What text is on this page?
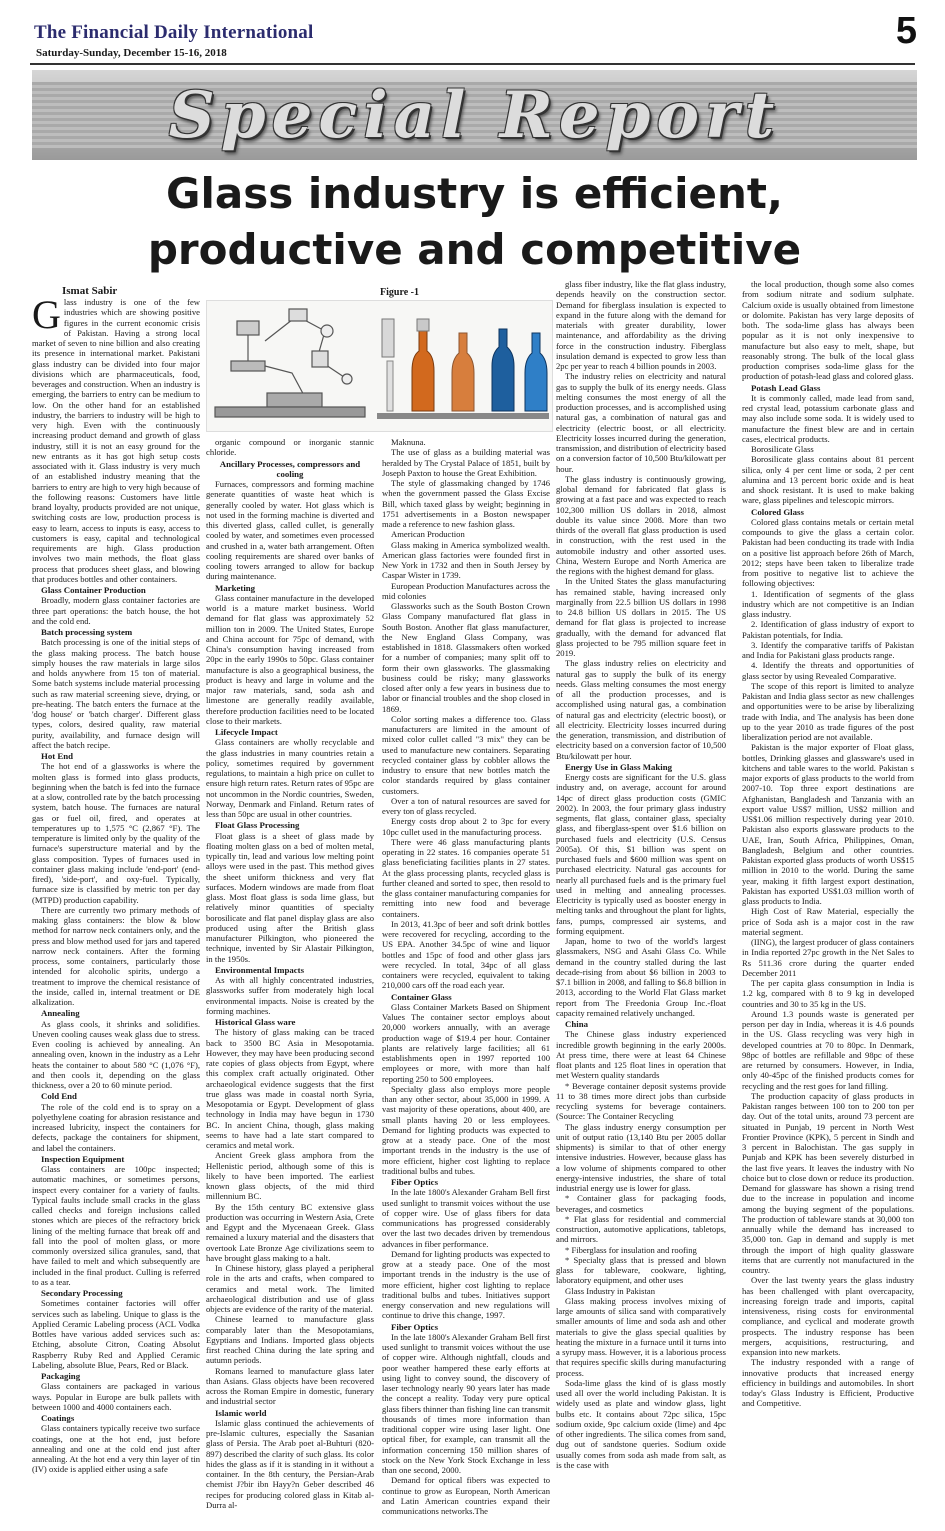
The Financial Daily International
Saturday-Sunday, December 15-16, 2018
5
Special Report
Glass industry is efficient, productive and competitive
Ismat Sabir	Figure -1

Glass industry is one of the few industries which are showing positive figures in the current economic crisis of Pakistan. Having a strong local market of seven to nine billion and also creating its presence in international market. Pakistani glass industry can be divided into four major divisions which are pharmaceuticals, food, beverages and construction. When an industry is emerging, the barriers to entry can be medium to low. On the other hand for an established industry, the barriers to industry will be high to very high. Even with the continuously increasing product demand and growth of glass industry, still it is not an easy ground for the new entrants as it has got high setup costs associated with it. Glass industry is very much of an established industry meaning that the barriers to entry are high to very high because of the following reasons: Customers have little brand loyalty, products provided are not unique, switching costs are low, production process is easy to learn, access to inputs is easy, access to customers is easy, capital and technological requirements are high. Glass production involves two main methods, the float glass process that produces sheet glass, and blowing that produces bottles and other containers.

Glass Container Production

Broadly, modern glass container factories are three part operations: the batch house, the hot and the cold end.

Batch processing system

Batch processing is one of the initial steps of the glass making process. The batch house simply houses the raw materials in large silos and holds anywhere from 15 ton of material. Some batch systems include material processing such as raw material screening sieve, drying, or pre-heating. The batch enters the furnace at the 'dog house' or 'batch charger'. Different glass types, colors, desired quality, raw material purity, availability, and furnace design will affect the batch recipe.

Hot End

The hot end of a glassworks is where the molten glass is formed into glass products, beginning when the batch is fed into the furnace at a slow, controlled rate by the batch processing system, batch house. The furnaces are natural gas or fuel oil, fired, and operates at temperatures up to 1,575 °C (2,867 °F). The temperature is limited only by the quality of the furnace's superstructure material and by the glass composition. Types of furnaces used in container glass making include 'end-port' (end-fired), 'side-port', and oxy-fuel. Typically, furnace size is classified by metric ton per day (MTPD) production capability.

There are currently two primary methods of making glass containers: the blow & blow method for narrow neck containers only, and the press and blow method used for jars and tapered narrow neck containers. After the forming process, some containers, particularly those intended for alcoholic spirits, undergo a treatment to improve the chemical resistance of the inside, called in, internal treatment or DE alkalization.

Annealing

As glass cools, it shrinks and solidifies. Uneven cooling causes weak glass due to stress. Even cooling is achieved by annealing. An annealing oven, known in the industry as a Lehr heats the container to about 580 °C (1,076 °F), and then cools it, depending on the glass thickness, over a 20 to 60 minute period.

Cold End

The role of the cold end is to spray on a polyethylene coating for abrasion resistance and increased lubricity, inspect the containers for defects, package the containers for shipment, and label the containers.

Inspection Equipment

Glass containers are 100pc inspected; automatic machines, or sometimes persons, inspect every container for a variety of faults. Typical faults include small cracks in the glass called checks and foreign inclusions called stones which are pieces of the refractory brick lining of the melting furnace that break off and fall into the pool of molten glass, or more commonly oversized silica granules, sand, that have failed to melt and which subsequently are included in the final product. Culling is referred to as a tear.

Secondary Processing

Sometimes container factories will offer services such as labeling. Unique to glass is the Applied Ceramic Labeling process (ACL Vodka Bottles have various added services such as: Etching, absolute Citron, Coating Absolut Raspberry Ruby Red and Applied Ceramic Labeling, absolute Blue, Pears, Red or Black.

Packaging

Glass containers are packaged in various ways. Popular in Europe are bulk pallets with between 1000 and 4000 containers each.

Coatings

Glass containers typically receive two surface coatings, one at the hot end, just before annealing and one at the cold end just after annealing. At the hot end a very thin layer of tin (IV) oxide is applied either using a safe

organic compound or inorganic stannic chloride.

Ancillary Processes, compressors and cooling

Furnaces, compressors and forming machine generate quantities of waste heat which is generally cooled by water. Hot glass which is not used in the forming machine is diverted and this diverted glass, called cullet, is generally cooled by water, and sometimes even processed and crushed in a, water bath arrangement. Often cooling requirements are shared over banks of cooling towers arranged to allow for backup during maintenance.

Marketing

Glass container manufacture in the developed world is a mature market business. World demand for flat glass was approximately 52 million ton in 2009. The United States, Europe and China account for 75pc of demand, with China's consumption having increased from 20pc in the early 1990s to 50pc. Glass container manufacture is also a geographical business, the product is heavy and large in volume and the major raw materials, sand, soda ash and limestone are generally readily available, therefore production facilities need to be located close to their markets.

Lifecycle Impact

Glass containers are wholly recyclable and the glass industries in many countries retain a policy, sometimes required by government regulations, to maintain a high price on cullet to ensure high return rates. Return rates of 95pc are not uncommon in the Nordic countries, Sweden, Norway, Denmark and Finland. Return rates of less than 50pc are usual in other countries.

Float Glass Processing

Float glass is a sheet of glass made by floating molten glass on a bed of molten metal, typically tin, lead and various low melting point alloys were used in the past. This method gives the sheet uniform thickness and very flat surfaces. Modern windows are made from float glass. Most float glass is soda lime glass, but relatively minor quantities of specialty borosilicate and flat panel display glass are also produced using after the British glass manufacturer Pilkington, who pioneered the technique, invented by Sir Alastair Pilkington, in the 1950s.

Environmental Impacts

As with all highly concentrated industries, glassworks suffer from moderately high local environmental impacts. Noise is created by the forming machines.

Historical Glass ware

The history of glass making can be traced back to 3500 BC Asia in Mesopotamia. However, they may have been producing second rate copies of glass objects from Egypt, where this complex craft actually originated. Other archaeological evidence suggests that the first true glass was made in coastal north Syria, Mesopotamia or Egypt. Development of glass technology in India may have begun in 1730 BC. In ancient China, though, glass making seems to have had a late start compared to ceramics and metal work.

Ancient Greek glass amphora from the Hellenistic period, although some of this is likely to have been imported. The earliest known glass objects, of the mid third millennium BC.

By the 15th century BC extensive glass production was occurring in Western Asia, Crete and Egypt and the Mycenaean Greek. Glass remained a luxury material and the disasters that overtook Late Bronze Age civilizations seem to have brought glass making to a halt.

In Chinese history, glass played a peripheral role in the arts and crafts, when compared to ceramics and metal work. The limited archaeological distribution and use of glass objects are evidence of the rarity of the material.

Chinese learned to manufacture glass comparably later than the Mesopotamians, Egyptians and Indians. Imported glass objects first reached China during the late spring and autumn periods.

Romans learned to manufacture glass later than Asians. Glass objects have been recovered across the Roman Empire in domestic, funerary and industrial sector

Islamic world

Islamic glass continued the achievements of pre-Islamic cultures, especially the Sasanian glass of Persia. The Arab poet al-Buhturi (820-897) described the clarity of such glass. Its color hides the glass as if it is standing in it without a container. In the 8th century, the Persian-Arab chemist J?bir ibn Hayy?n Geber described 46 recipes for producing colored glass in Kitab al-Durra al-

Maknuna.

The use of glass as a building material was heralded by The Crystal Palace of 1851, built by Joseph Paxton to house the Great Exhibition.

The style of glassmaking changed by 1746 when the government passed the Glass Excise Bill, which taxed glass by weight; beginning in 1751 advertisements in a Boston newspaper made a reference to new fashion glass.

American Production

Glass making in America symbolized wealth. American glass factories were founded first in New York in 1732 and then in South Jersey by Caspar Wister in 1739.

European Production Manufactures across the mid colonies

Glassworks such as the South Boston Crown Glass Company manufactured flat glass in South Boston. Another flat glass manufacturer, the New England Glass Company, was established in 1818. Glassmakers often worked for a number of companies; many split off to form their own glassworks. The glassmaking business could be risky; many glassworks closed after only a few years in business due to labor or financial troubles and the shop closed in 1869.

Color sorting makes a difference too. Glass manufacturers are limited in the amount of mixed color cullet called "3 mix" they can be used to manufacture new containers. Separating recycled container glass by cobbler allows the industry to ensure that new bottles match the color standards required by glass container customers.

Over a ton of natural resources are saved for every ton of glass recycled.

Energy costs drop about 2 to 3pc for every 10pc cullet used in the manufacturing process.

There were 46 glass manufacturing plants operating in 22 states. 16 companies operate 51 glass beneficiating facilities plants in 27 states. At the glass processing plants, recycled glass is further cleaned and sorted to spec, then resold to the glass container manufacturing companies for remitting into new food and beverage containers.

In 2013, 41.3pc of beer and soft drink bottles were recovered for recycling, according to the US EPA. Another 34.5pc of wine and liquor bottles and 15pc of food and other glass jars were recycled. In total, 34pc of all glass containers were recycled, equivalent to taking 210,000 cars off the road each year.

Container Glass

Glass Container Markets Based on Shipment Values The container sector employs about 20,000 workers annually, with an average production wage of $19.4 per hour. Container plants are relatively large facilities; all 61 establishments open in 1997 reported 100 employees or more, with more than half reporting 250 to 500 employees.

Specialty glass also employs more people than any other sector, about 35,000 in 1999. A vast majority of these operations, about 400, are small plants having 20 or less employees. Demand for lighting products was expected to grow at a steady pace. One of the most important trends in the industry is the use of more efficient, higher cost lighting to replace traditional bulbs and tubes.

Fiber Optics

In the late 1800's Alexander Graham Bell first used sunlight to transmit voices without the use of copper wire. Use of glass fibers for data communications has progressed considerably over the last two decades driven by tremendous advances in fiber performance.

Demand for lighting products was expected to grow at a steady pace. One of the most important trends in the industry is the use of more efficient, higher cost lighting to replace traditional bulbs and tubes. Initiatives support energy conservation and new regulations will continue to drive this change, 1997.

Fiber Optics

In the late 1800's Alexander Graham Bell first used sunlight to transmit voices without the use of copper wire. Although nightfall, clouds and poor weather hampered these early efforts at using light to convey sound, the discovery of laser technology nearly 90 years later has made the concept a reality. Today very pure optical glass fibers thinner than fishing line can transmit thousands of times more information than traditional copper wire using laser light. One optical fiber, for example, can transmit all the information concerning 150 million shares of stock on the New York Stock Exchange in less than one second, 2000.

Demand for optical fibers was expected to continue to grow as European, North American and Latin American countries expand their communications networks.The

glass fiber industry, like the flat glass industry, depends heavily on the construction sector. Demand for fiberglass insulation is expected to expand in the future along with the demand for materials with greater durability, lower maintenance, and affordability as the driving force in the construction industry. Fiberglass insulation demand is expected to grow less than 2pc per year to reach 4 billion pounds in 2003.

The industry relies on electricity and natural gas to supply the bulk of its energy needs. Glass melting consumes the most energy of all the production processes, and is accomplished using natural gas, a combination of natural gas and electricity (electric boost, or all electricity. Electricity losses incurred during the generation, transmission, and distribution of electricity based on a conversion factor of 10,500 Btu/kilowatt per hour.

The glass industry is continuously growing, global demand for fabricated flat glass is growing at a fast pace and was expected to reach 102,300 million US dollars in 2018, almost double its value since 2008. More than two thirds of the overall flat glass production is used in construction, with the rest used in the automobile industry and other assorted uses. China, Western Europe and North America are the regions with the highest demand for glass.

In the United States the glass manufacturing has remained stable, having increased only marginally from 22.5 billion US dollars in 1998 to 24.8 billion US dollars in 2015. The US demand for flat glass is projected to increase gradually, with the demand for advanced flat glass projected to be 795 million square feet in 2019.

The glass industry relies on electricity and natural gas to supply the bulk of its energy needs. Glass melting consumes the most energy of all the production processes, and is accomplished using natural gas, a combination of natural gas and electricity (electric boost), or all electricity. Electricity losses incurred during the generation, transmission, and distribution of electricity based on a conversion factor of 10,500 Btu/kilowatt per hour.

Energy Use in Glass Making

Energy costs are significant for the U.S. glass industry and, on average, account for around 14pc of direct glass production costs (GMIC 2002). In 2003, the four primary glass industry segments, flat glass, container glass, specialty glass, and fiberglass-spent over $1.6 billion on purchased fuels and electricity (U.S. Census 2005a). Of this, $1 billion was spent on purchased fuels and $600 million was spent on purchased electricity. Natural gas accounts for nearly all purchased fuels and is the primary fuel used in melting and annealing processes. Electricity is typically used as booster energy in melting tanks and throughout the plant for lights, fans, pumps, compressed air systems, and forming equipment.

Japan, home to two of the world's largest glassmakers, NSG and Asahi Glass Co. While demand in the country stalled during the last decade-rising from about $6 billion in 2003 to $7.1 billion in 2008, and falling to $6.8 billion in 2013, according to the World Flat Glass market report from The Freedonia Group Inc.-float capacity remained relatively unchanged.

China

The Chinese glass industry experienced incredible growth beginning in the early 2000s. At press time, there were at least 64 Chinese float plants and 125 float lines in operation that met Western quality standards

* Beverage container deposit systems provide 11 to 38 times more direct jobs than curbside recycling systems for beverage containers. (Source: The Container Recycling

The glass industry energy consumption per unit of output ratio (13,140 Btu per 2005 dollar shipments) is similar to that of other energy intensive industries. However, because glass has a low volume of shipments compared to other energy-intensive industries, the share of total industrial energy use is lower for glass.

* Container glass for packaging foods, beverages, and cosmetics

* Flat glass for residential and commercial construction, automotive applications, tabletops, and mirrors.

* Fiberglass for insulation and roofing

* Specialty glass that is pressed and blown glass for tableware, cookware, lighting, laboratory equipment, and other uses

Glass Industry in Pakistan

Glass making process involves mixing of large amounts of silica sand with comparatively smaller amounts of lime and soda ash and other materials to give the glass special qualities by heating the mixture in a furnace until it turns into a syrupy mass. However, it is a laborious process that requires specific skills during manufacturing process.

Soda-lime glass the kind of is glass mostly used all over the world including Pakistan. It is widely used as plate and window glass, light bulbs etc. It contains about 72pc silica, 15pc sodium oxide, 9pc calcium oxide (lime) and 4pc of other ingredients. The silica comes from sand, dug out of sandstone queries. Sodium oxide usually comes from soda ash made from salt, as is the case with

the local production, though some also comes from sodium nitrate and sodium sulphate. Calcium oxide is usually obtained from limestone or dolomite. Pakistan has very large deposits of both. The soda-lime glass has always been popular as it is not only inexpensive to manufacture but also easy to melt, shape, but reasonably strong. The bulk of the local glass production comprises soda-lime glass for the production of potash-lead glass and colored glass.

Potash Lead Glass

It is commonly called, made lead from sand, red crystal lead, potassium carbonate glass and may also include some soda. It is widely used to manufacture the finest blew are and in certain cases, electrical products.

Borosilicate Glass

Borosilicate glass contains about 81 percent silica, only 4 per cent lime or soda, 2 per cent alumina and 13 percent boric oxide and is heat and shock resistant. It is used to make baking ware, glass pipelines and telescopic mirrors.

Colored Glass

Colored glass contains metals or certain metal compounds to give the glass a certain color. Pakistan had been conducting its trade with India on a positive list approach before 26th of March, 2012; steps have been taken to liberalize trade from positive to negative list to achieve the following objectives:

1. Identification of segments of the glass industry which are not competitive is an Indian glass industry.

2. Identification of glass industry of export to Pakistan potentials, for India.

3. Identify the comparative tariffs of Pakistan and India for Pakistani glass products range.

4. Identify the threats and opportunities of glass sector by using Revealed Comparative.

The scope of this report is limited to analyze Pakistan and India glass sector as new challenges and opportunities were to be arise by liberalizing trade with India, and The analysis has been done up to the year 2010 as trade figures of the post liberalization period are not available.

Pakistan is the major exporter of Float glass, bottles, Drinking glasses and glassware's used in kitchens and table wares to the world. Pakistan s major exports of glass products to the world from 2007-10. Top three export destinations are Afghanistan, Bangladesh and Tanzania with an export value US$7 million, US$2 million and US$1.06 million respectively during year 2010. Pakistan also exports glassware products to the UAE, Iran, South Africa, Philippines, Oman, Bangladesh, Belgium and other countries. Pakistan exported glass products of worth US$15 million in 2010 to the world. During the same year, making it fifth largest export destination, Pakistan has exported US$1.03 million worth of glass products to India.

High Cost of Raw Material, especially the price of Soda ash is a major cost in the raw material segment.

(IING), the largest producer of glass containers in India reported 27pc growth in the Net Sales to Rs 511.36 crore during the quarter ended December 2011

The per capita glass consumption in India is 1.2 kg, compared with 8 to 9 kg in developed countries and 30 to 35 kg in the US.

Around 1.3 pounds waste is generated per person per day in India, whereas it is 4.6 pounds in the US. Glass recycling was very high in developed countries at 70 to 80pc. In Denmark, 98pc of bottles are refillable and 98pc of these are returned by consumers. However, in India, only 40-45pc of the finished products comes for recycling and the rest goes for land filling.

The production capacity of glass products in Pakistan ranges between 100 ton to 200 ton per day. Out of the total units, around 73 percent are situated in Punjab, 19 percent in North West Frontier Province (KPK), 5 percent in Sindh and 3 percent in Balochistan. The gas supply in Punjab and KPK has been severely disturbed in the last five years. It leaves the industry with No choice but to close down or reduce its production. Demand for glassware has shown a rising trend due to the increase in population and income among the buying segment of the populations. The production of tableware stands at 30,000 ton annually while the demand has increased to 35,000 ton. Gap in demand and supply is met through the import of high quality glassware items that are currently not manufactured in the country.

Over the last twenty years the glass industry has been challenged with plant overcapacity, increasing foreign trade and imports, capital intensiveness, rising costs for environmental compliance, and cyclical and moderate growth prospects. The industry response has been mergers, acquisitions, restructuring, and expansion into new markets.

The industry responded with a range of innovative products that increased energy efficiency in buildings and automobiles. In short today's Glass Industry is Efficient, Productive and Competitive.
